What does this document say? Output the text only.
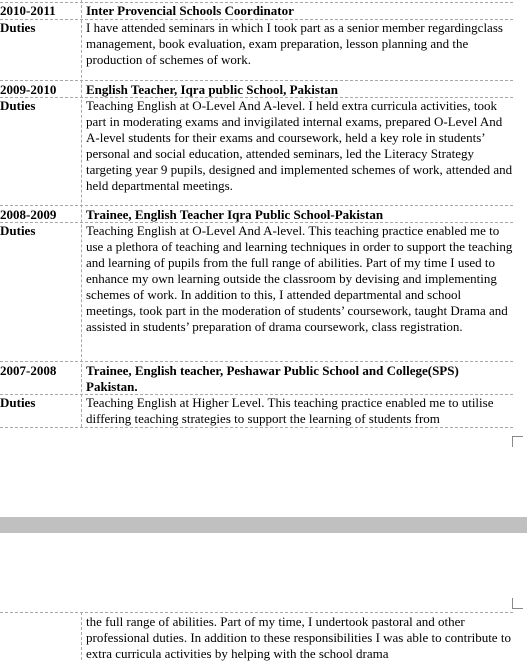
2010-2011	Inter Provencial Schools Coordinator
Duties	I have attended seminars in which I took part as a senior member regardingclass management, book evaluation, exam preparation, lesson planning and the production of schemes of work.
2009-2010	English Teacher, Iqra public School, Pakistan
Duties	Teaching English at O-Level And A-level. I held extra curricula activities, took part in moderating exams and invigilated internal exams, prepared O-Level And A-level students for their exams and coursework, held a key role in students’ personal and social education, attended seminars, led the Literacy Strategy targeting year 9 pupils, designed and implemented schemes of work, attended and held departmental meetings.
2008-2009	Trainee, English Teacher Iqra Public School-Pakistan
Duties	Teaching English at O-Level And A-level. This teaching practice enabled me to use a plethora of teaching and learning techniques in order to support the teaching and learning of pupils from the full range of abilities. Part of my time I used to enhance my own learning outside the classroom by devising and implementing schemes of work. In addition to this, I attended departmental and school meetings, took part in the moderation of students’ coursework, taught Drama and assisted in students’ preparation of drama coursework, class registration.
2007-2008	Trainee, English teacher, Peshawar Public School and College(SPS) Pakistan.
Duties	Teaching English at Higher Level. This teaching practice enabled me to utilise differing teaching strategies to support the learning of students from
the full range of abilities. Part of my time, I undertook pastoral and other professional duties. In addition to these responsibilities I was able to contribute to extra curricula activities by helping with the school drama
